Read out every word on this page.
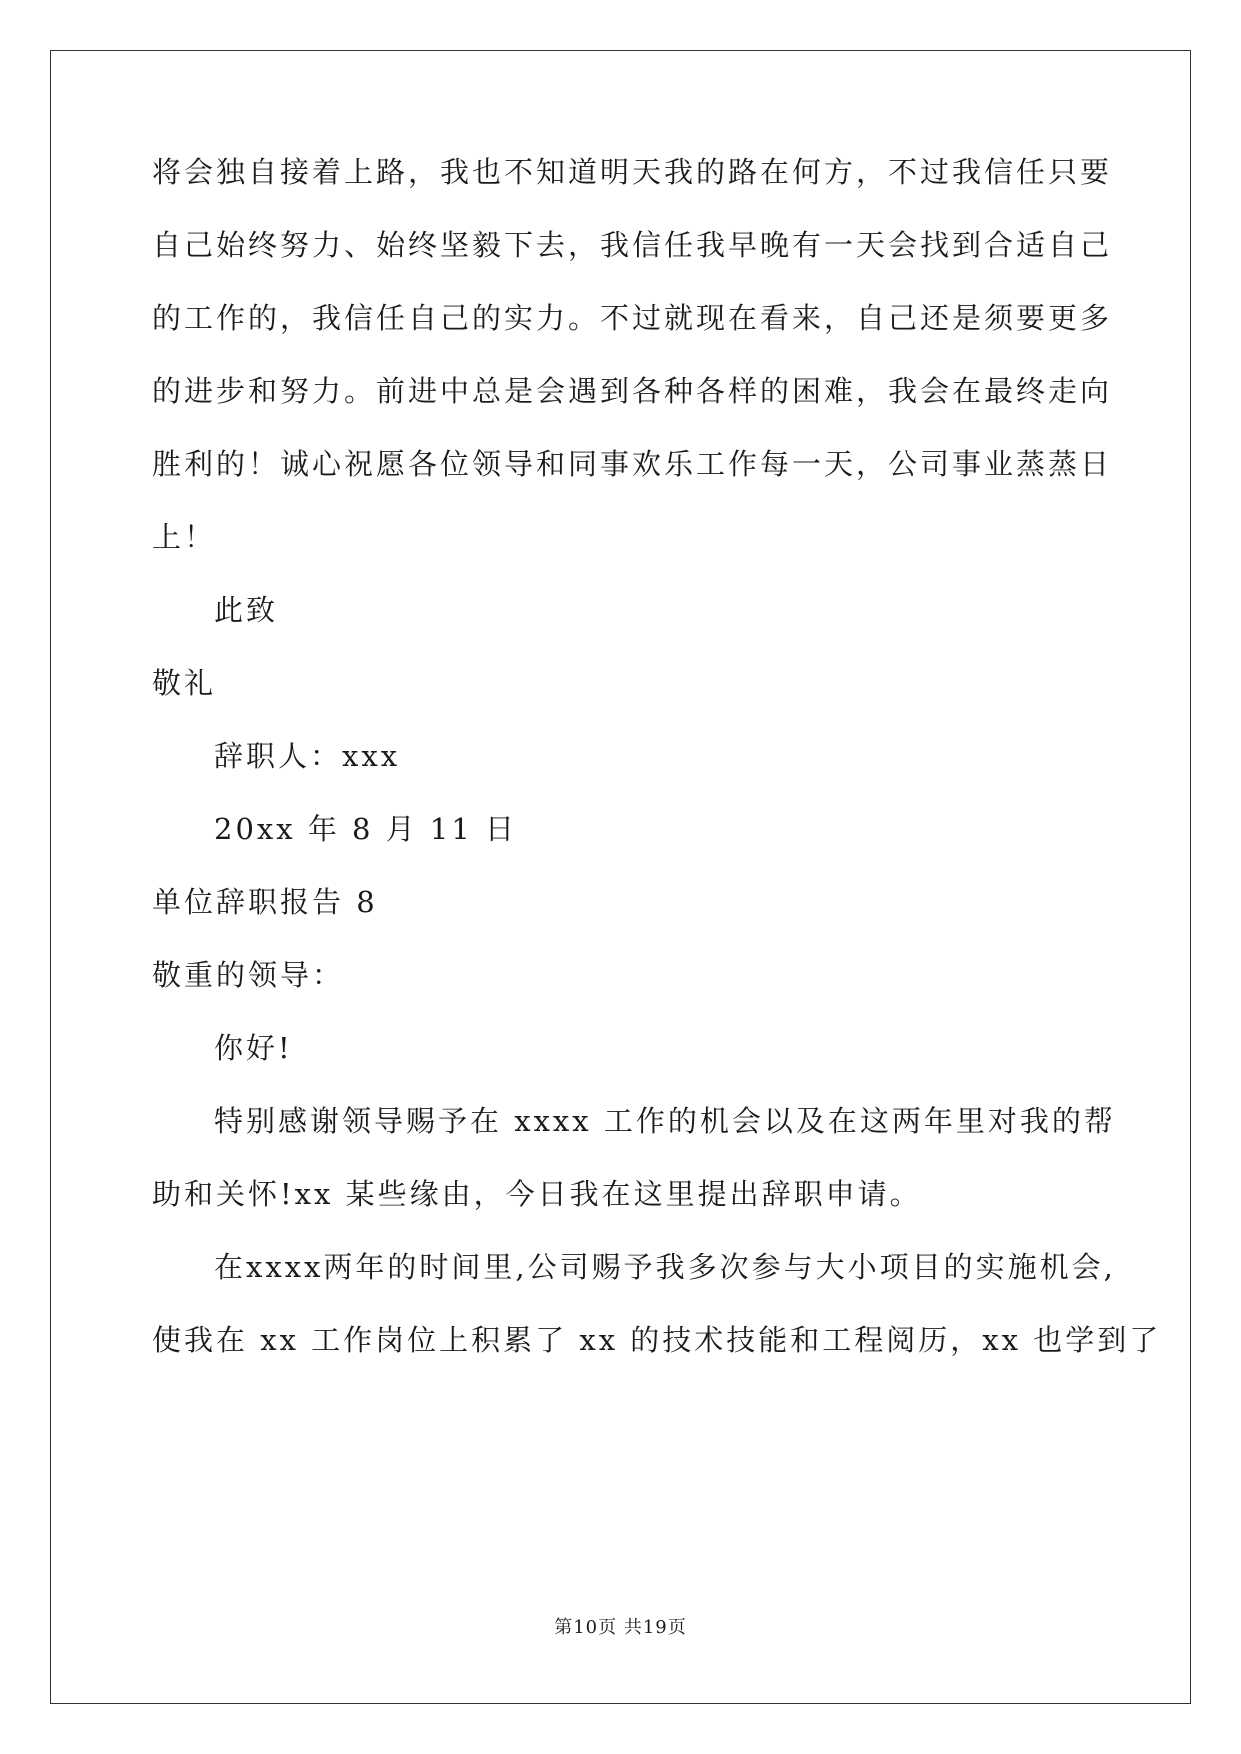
将会独自接着上路，我也不知道明天我的路在何方，不过我信任只要
自己始终努力、始终坚毅下去，我信任我早晚有一天会找到合适自己
的工作的，我信任自己的实力。不过就现在看来，自己还是须要更多
的进步和努力。前进中总是会遇到各种各样的困难，我会在最终走向
胜利的！诚心祝愿各位领导和同事欢乐工作每一天，公司事业蒸蒸日
上！
此致
敬礼
辞职人：xxx
20xx 年 8 月 11 日
单位辞职报告 8
敬重的领导：
你好!
特别感谢领导赐予在 xxxx 工作的机会以及在这两年里对我的帮
助和关怀!xx 某些缘由，今日我在这里提出辞职申请。
在xxxx两年的时间里,公司赐予我多次参与大小项目的实施机会,
使我在 xx 工作岗位上积累了 xx 的技术技能和工程阅历，xx 也学到了
第10页 共19页
